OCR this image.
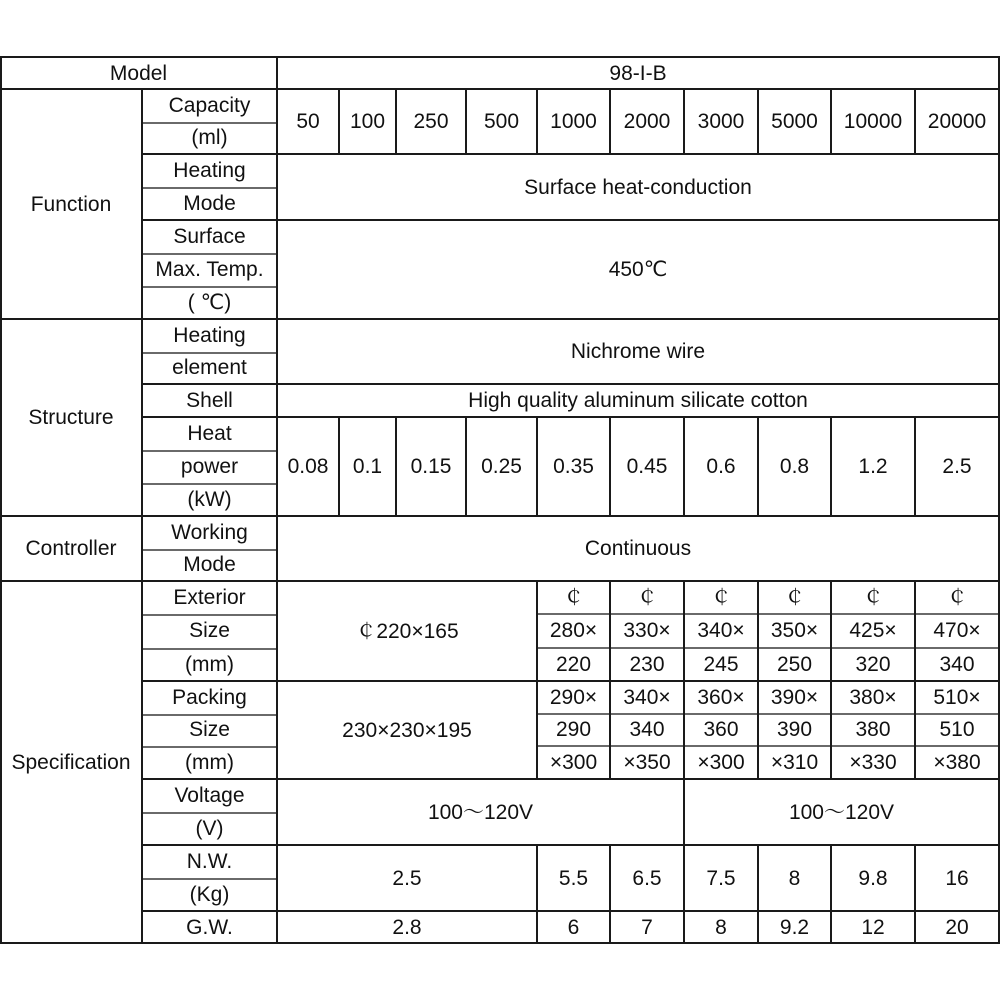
Model	98-I-B
Function
Structure
Controller
Specification
Capacity
(ml)
Heating
Mode
Surface
Max. Temp.
( ℃)
Heating
element
Shell
Heat
power
(kW)
Working
Mode
Exterior
Size
(mm)
Packing
Size
(mm)
Voltage
(V)
N.W.
(Kg)
G.W.
50
0.08
100
0.1
250
0.15
500
0.25
1000
0.35
2000
0.45
3000
0.6
5000
0.8
10000
1.2
20000
2.5
Surface heat-conduction
450℃
Nichrome wire
High quality aluminum silicate cotton
Continuous
￠220×165
230×230×195
￠
280×
220
290×
290
×300
5.5
6
￠
330×
230
340×
340
×350
6.5
7
￠
340×
245
360×
360
×300
7.5
8
￠
350×
250
390×
390
×310
8
9.2
￠
425×
320
380×
380
×330
9.8
12
￠
470×
340
510×
510
×380
16
20
100～120V	100～120V
2.5
2.8
